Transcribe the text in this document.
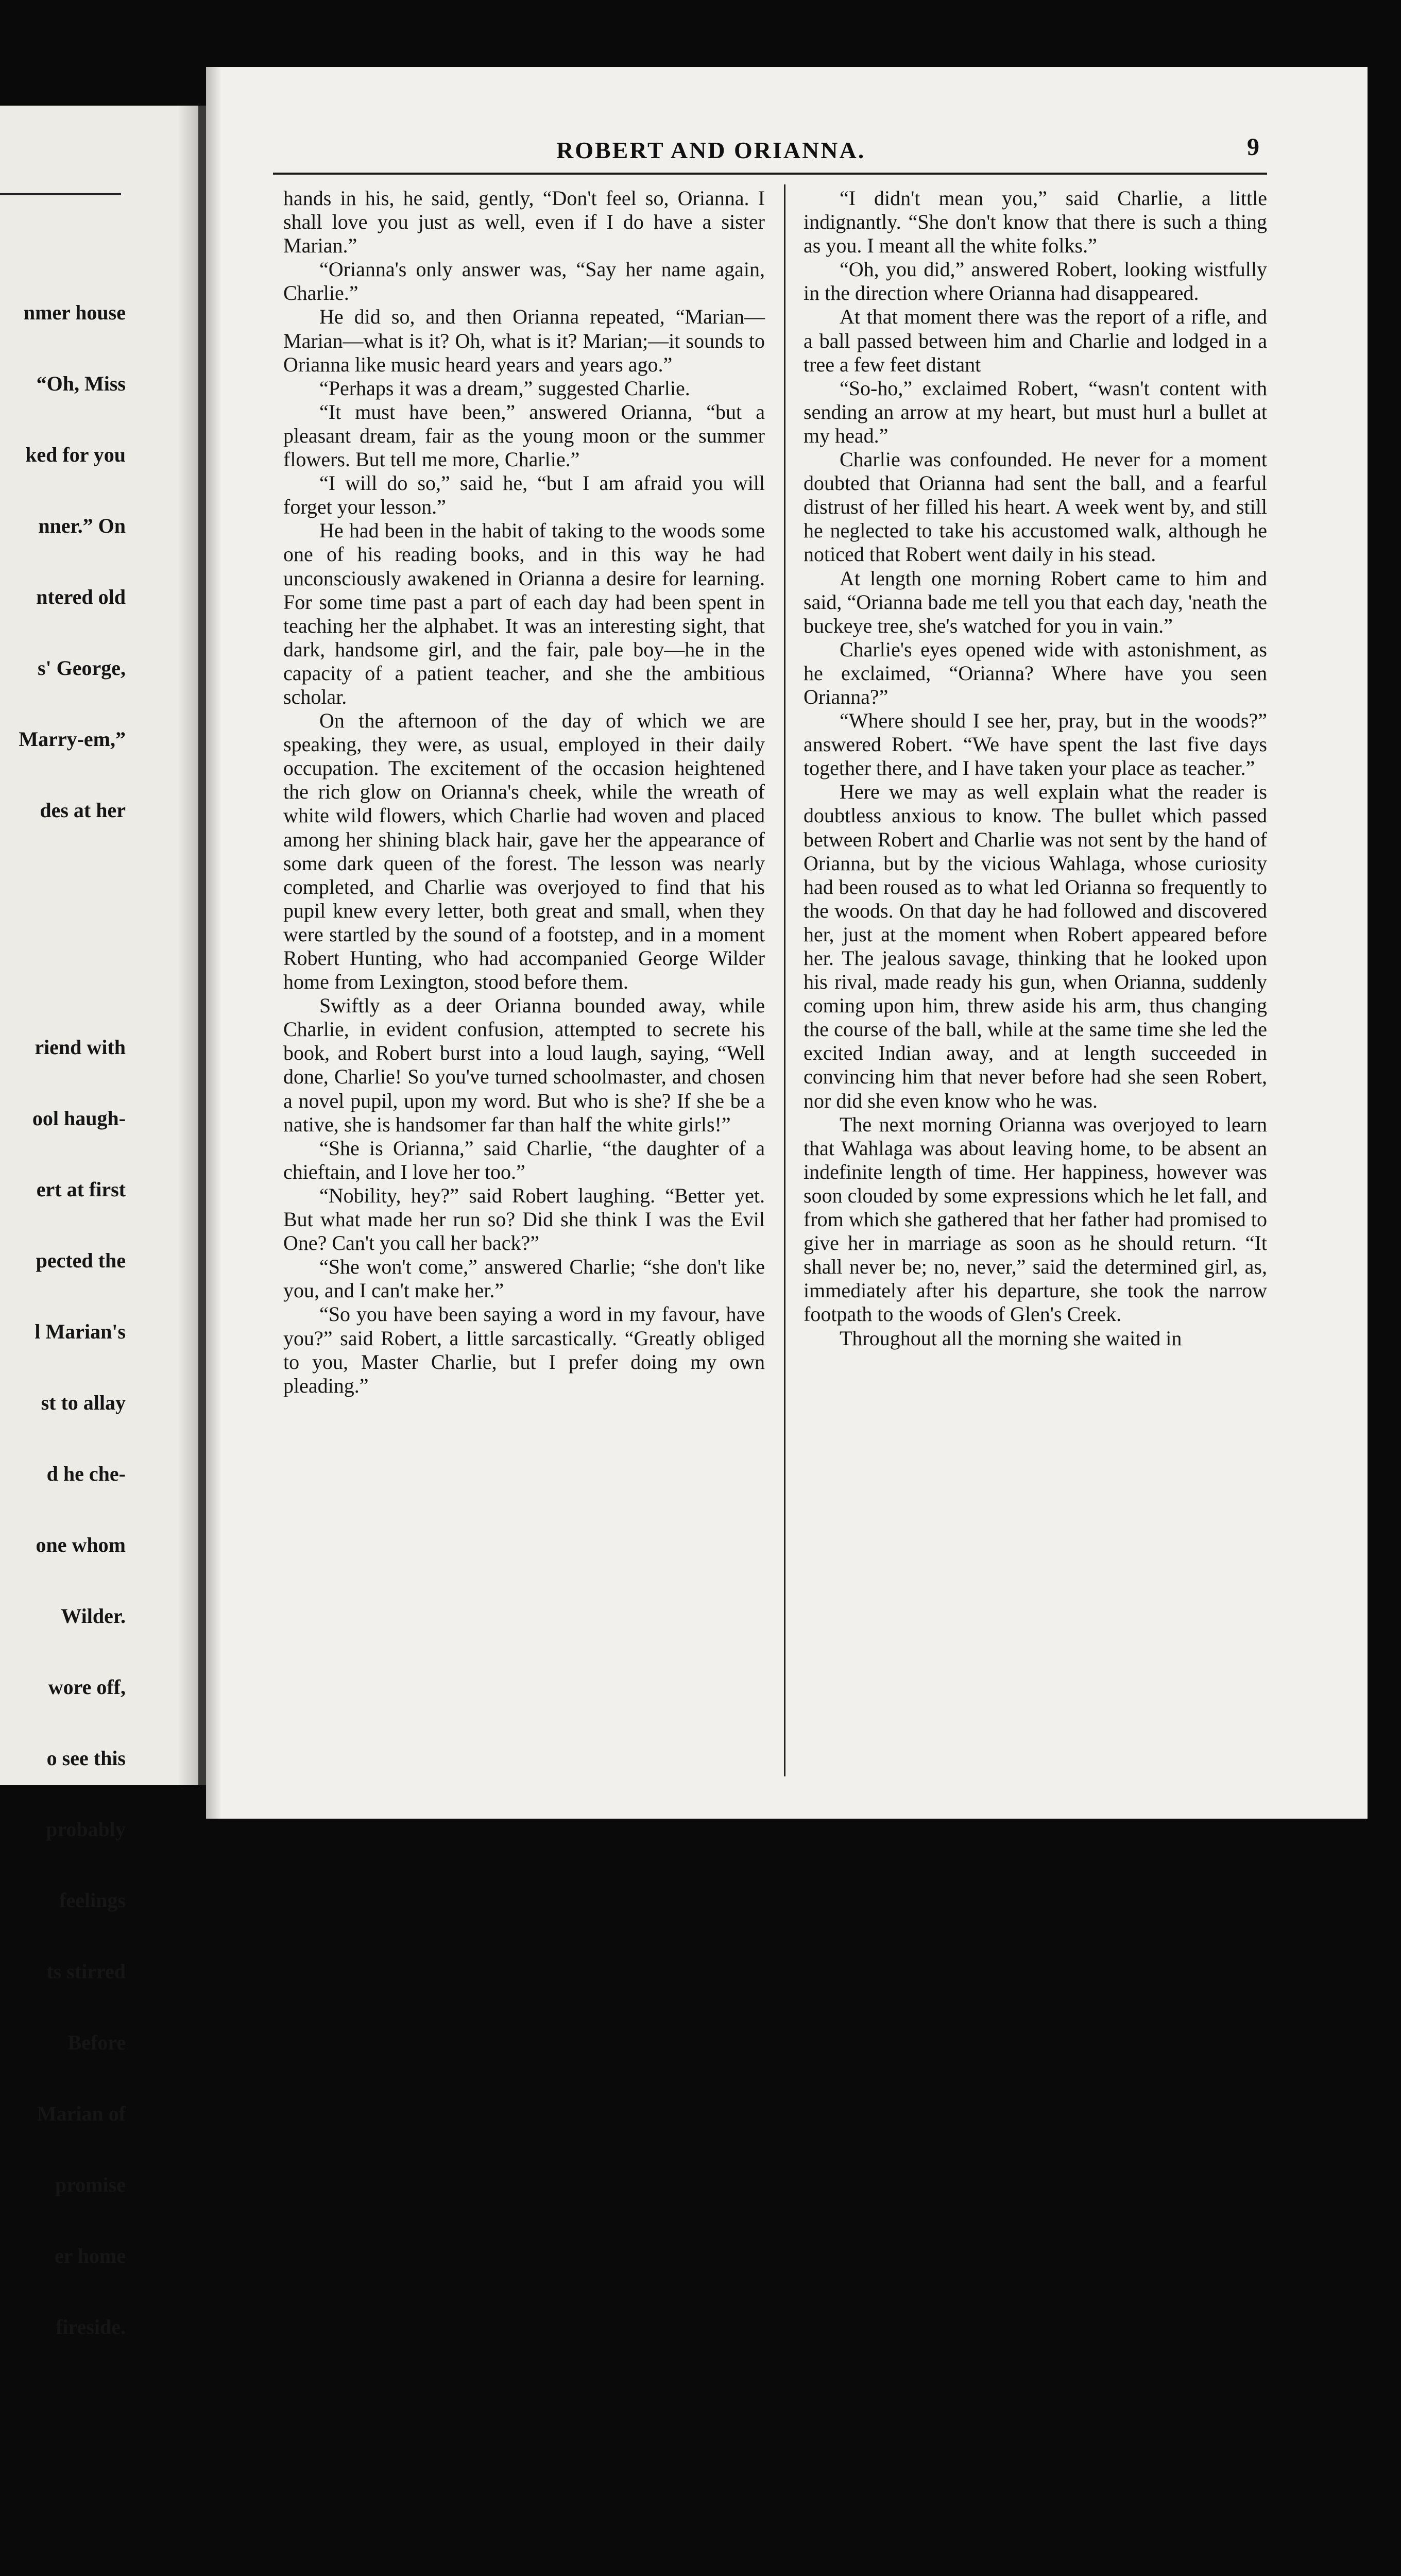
nmer house

“Oh, Miss

ked for you

nner.” On

ntered old

s' George,

Marry-em,”

des at her

riend with

ool haugh-

ert at first

pected the

l Marian's

st to allay

d he che-

one whom

Wilder.

wore off,

o see this

probably

feelings

ts stirred

Before

Marian of

promise

er home

fireside.

ROBERT AND ORIANNA.	9

hands in his, he said, gently, “Don't feel so, Orianna. I shall love you just as well, even if I do have a sister Marian.”

“Orianna's only answer was, “Say her name again, Charlie.”

He did so, and then Orianna repeated, “Marian—Marian—what is it? Oh, what is it? Marian;—it sounds to Orianna like music heard years and years ago.”

“Perhaps it was a dream,” suggested Charlie.

“It must have been,” answered Orianna, “but a pleasant dream, fair as the young moon or the summer flowers. But tell me more, Charlie.”

“I will do so,” said he, “but I am afraid you will forget your lesson.”

He had been in the habit of taking to the woods some one of his reading books, and in this way he had unconsciously awakened in Orianna a desire for learning. For some time past a part of each day had been spent in teaching her the alphabet. It was an interesting sight, that dark, handsome girl, and the fair, pale boy—he in the capacity of a patient teacher, and she the ambitious scholar.

On the afternoon of the day of which we are speaking, they were, as usual, employed in their daily occupation. The excitement of the occasion heightened the rich glow on Orianna's cheek, while the wreath of white wild flowers, which Charlie had woven and placed among her shining black hair, gave her the appearance of some dark queen of the forest. The lesson was nearly completed, and Charlie was overjoyed to find that his pupil knew every letter, both great and small, when they were startled by the sound of a footstep, and in a moment Robert Hunting, who had accompanied George Wilder home from Lexington, stood before them.

Swiftly as a deer Orianna bounded away, while Charlie, in evident confusion, attempted to secrete his book, and Robert burst into a loud laugh, saying, “Well done, Charlie! So you've turned schoolmaster, and chosen a novel pupil, upon my word. But who is she? If she be a native, she is handsomer far than half the white girls!”

“She is Orianna,” said Charlie, “the daughter of a chieftain, and I love her too.”

“Nobility, hey?” said Robert laughing. “Better yet. But what made her run so? Did she think I was the Evil One? Can't you call her back?”

“She won't come,” answered Charlie; “she don't like you, and I can't make her.”

“So you have been saying a word in my favour, have you?” said Robert, a little sarcastically. “Greatly obliged to you, Master Charlie, but I prefer doing my own pleading.”

“I didn't mean you,” said Charlie, a little indignantly. “She don't know that there is such a thing as you. I meant all the white folks.”

“Oh, you did,” answered Robert, looking wistfully in the direction where Orianna had disappeared.

At that moment there was the report of a rifle, and a ball passed between him and Charlie and lodged in a tree a few feet distant

“So-ho,” exclaimed Robert, “wasn't content with sending an arrow at my heart, but must hurl a bullet at my head.”

Charlie was confounded. He never for a moment doubted that Orianna had sent the ball, and a fearful distrust of her filled his heart. A week went by, and still he neglected to take his accustomed walk, although he noticed that Robert went daily in his stead.

At length one morning Robert came to him and said, “Orianna bade me tell you that each day, 'neath the buckeye tree, she's watched for you in vain.”

Charlie's eyes opened wide with astonishment, as he exclaimed, “Orianna? Where have you seen Orianna?”

“Where should I see her, pray, but in the woods?” answered Robert. “We have spent the last five days together there, and I have taken your place as teacher.”

Here we may as well explain what the reader is doubtless anxious to know. The bullet which passed between Robert and Charlie was not sent by the hand of Orianna, but by the vicious Wahlaga, whose curiosity had been roused as to what led Orianna so frequently to the woods. On that day he had followed and discovered her, just at the moment when Robert appeared before her. The jealous savage, thinking that he looked upon his rival, made ready his gun, when Orianna, suddenly coming upon him, threw aside his arm, thus changing the course of the ball, while at the same time she led the excited Indian away, and at length succeeded in convincing him that never before had she seen Robert, nor did she even know who he was.

The next morning Orianna was overjoyed to learn that Wahlaga was about leaving home, to be absent an indefinite length of time. Her happiness, however was soon clouded by some expressions which he let fall, and from which she gathered that her father had promised to give her in marriage as soon as he should return. “It shall never be; no, never,” said the determined girl, as, immediately after his departure, she took the narrow footpath to the woods of Glen's Creek.

Throughout all the morning she waited in
